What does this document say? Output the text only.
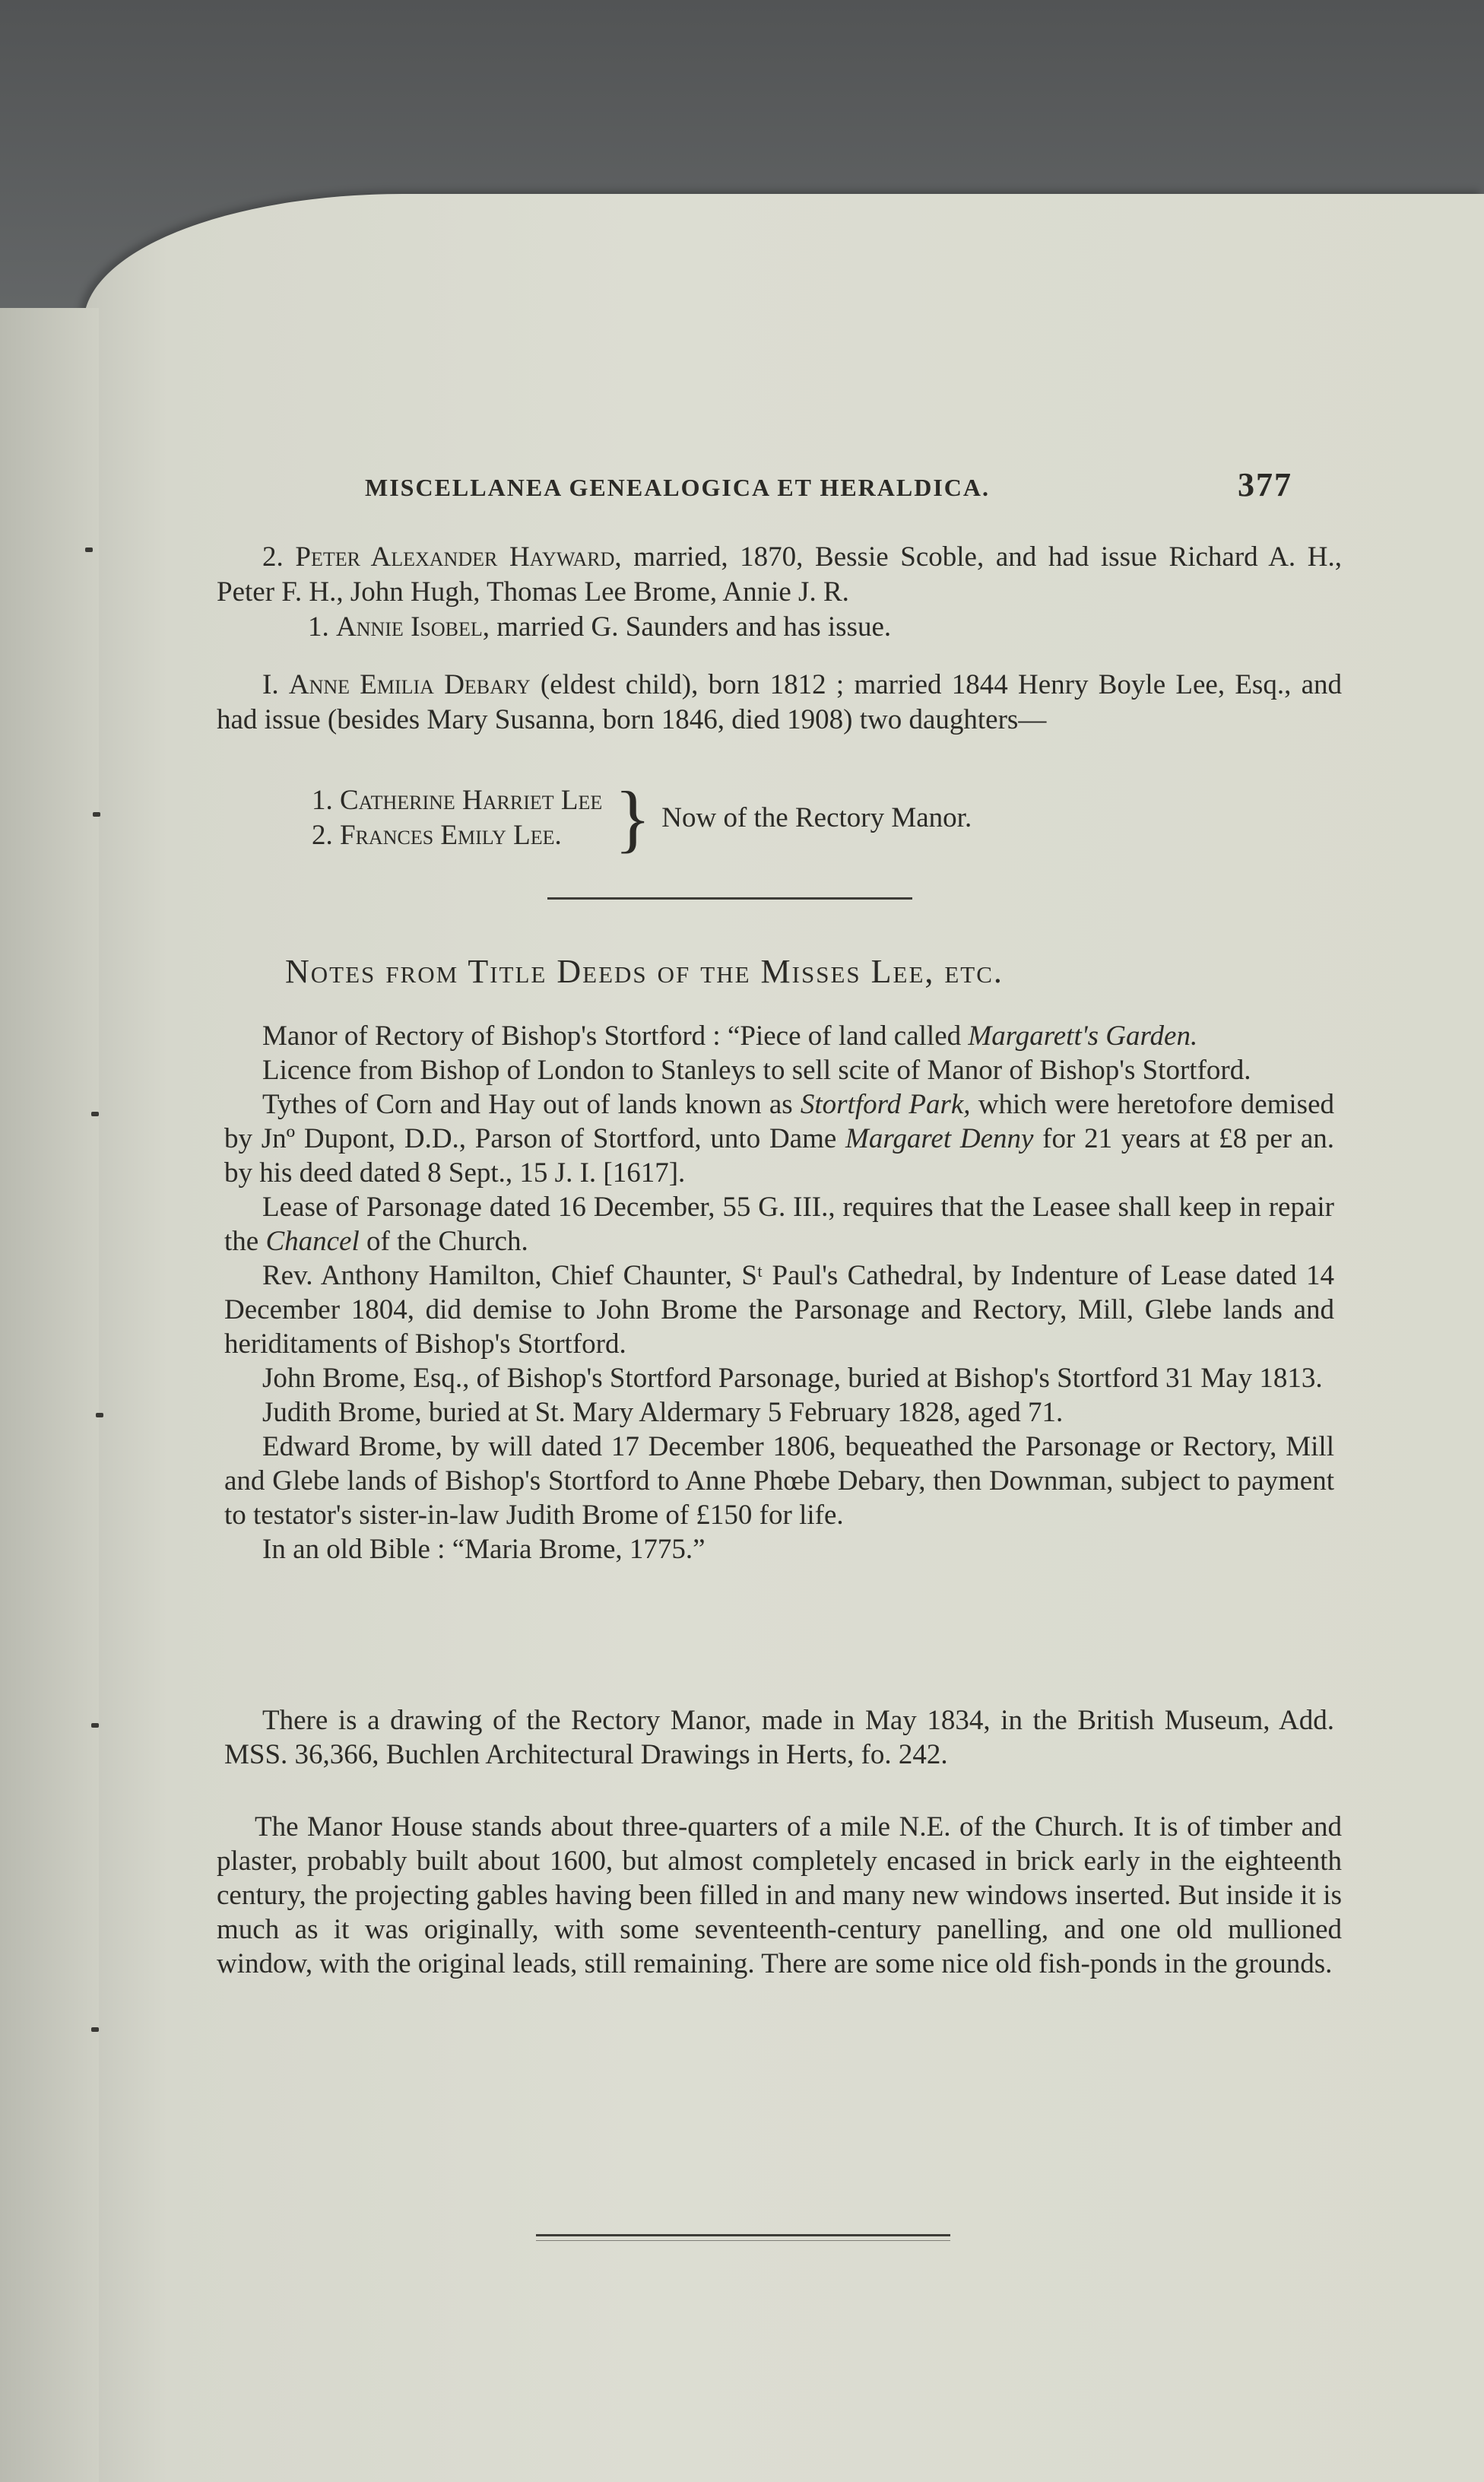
MISCELLANEA GENEALOGICA ET HERALDICA.	377

2. Peter Alexander Hayward, married, 1870, Bessie Scoble, and had issue Richard A. H., Peter F. H., John Hugh, Thomas Lee Brome, Annie J. R.

1. Annie Isobel, married G. Saunders and has issue.

I. Anne Emilia Debary (eldest child), born 1812 ; married 1844 Henry Boyle Lee, Esq., and had issue (besides Mary Susanna, born 1846, died 1908) two daughters—

1. Catherine Harriet Lee
2. Frances Emily Lee. } Now of the Rectory Manor.
Notes from Title Deeds of the Misses Lee, etc.

Manor of Rectory of Bishop's Stortford : “Piece of land called Margarett's Garden.

Licence from Bishop of London to Stanleys to sell scite of Manor of Bishop's Stortford.

Tythes of Corn and Hay out of lands known as Stortford Park, which were heretofore demised by Jnº Dupont, D.D., Parson of Stortford, unto Dame Margaret Denny for 21 years at £8 per an. by his deed dated 8 Sept., 15 J. I. [1617].

Lease of Parsonage dated 16 December, 55 G. III., requires that the Leasee shall keep in repair the Chancel of the Church.

Rev. Anthony Hamilton, Chief Chaunter, Sᵗ Paul's Cathedral, by Indenture of Lease dated 14 December 1804, did demise to John Brome the Parsonage and Rectory, Mill, Glebe lands and heriditaments of Bishop's Stortford.

John Brome, Esq., of Bishop's Stortford Parsonage, buried at Bishop's Stortford 31 May 1813.

Judith Brome, buried at St. Mary Aldermary 5 February 1828, aged 71.

Edward Brome, by will dated 17 December 1806, bequeathed the Parsonage or Rectory, Mill and Glebe lands of Bishop's Stortford to Anne Phœbe Debary, then Downman, subject to payment to testator's sister-in-law Judith Brome of £150 for life.

In an old Bible : “Maria Brome, 1775.”

There is a drawing of the Rectory Manor, made in May 1834, in the British Museum, Add. MSS. 36,366, Buchlen Architectural Drawings in Herts, fo. 242.

The Manor House stands about three-quarters of a mile N.E. of the Church. It is of timber and plaster, probably built about 1600, but almost completely encased in brick early in the eighteenth century, the projecting gables having been filled in and many new windows inserted. But inside it is much as it was originally, with some seventeenth-century panelling, and one old mullioned window, with the original leads, still remaining. There are some nice old fish-ponds in the grounds.
